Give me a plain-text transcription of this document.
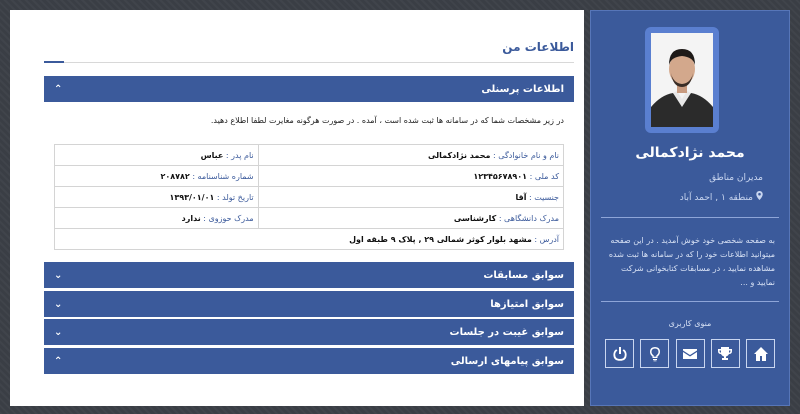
اطلاعات من
اطلاعات پرسنلی
⌃
در زیر مشخصات شما که در سامانه ها ثبت شده است ، آمده . در صورت هرگونه مغایرت لطفا اطلاع دهید.
نام و نام خانوادگی : محمد نژادکمالی	نام پدر : عباس
کد ملی : ۱۲۳۴۵۶۷۸۹۰۱	شماره شناسنامه : ۲۰۸۷۸۲
جنسیت : آقا	تاریخ تولد : ۱۳۹۳/۰۱/۰۱
مدرک دانشگاهی : کارشناسی	مدرک حوزوی : ندارد
آدرس : مشهد بلوار کوثر شمالی ۲۹ , پلاک ۹ طبقه اول	
سوابق مسابقات
⌄
سوابق امتیازها
⌄
سوابق غیبت در جلسات
⌄
سوابق پیامهای ارسالی
⌃
محمد نژادکمالی
مدیران مناطق
منطقه ۱ , احمد آباد
به صفحه شخصی خود خوش آمدید . در این صفحه میتوانید اطلاعات خود را که در سامانه ها ثبت شده مشاهده نمایید ، در مسابقات کتابخوانی شرکت نمایید و ...
منوی کاربری
